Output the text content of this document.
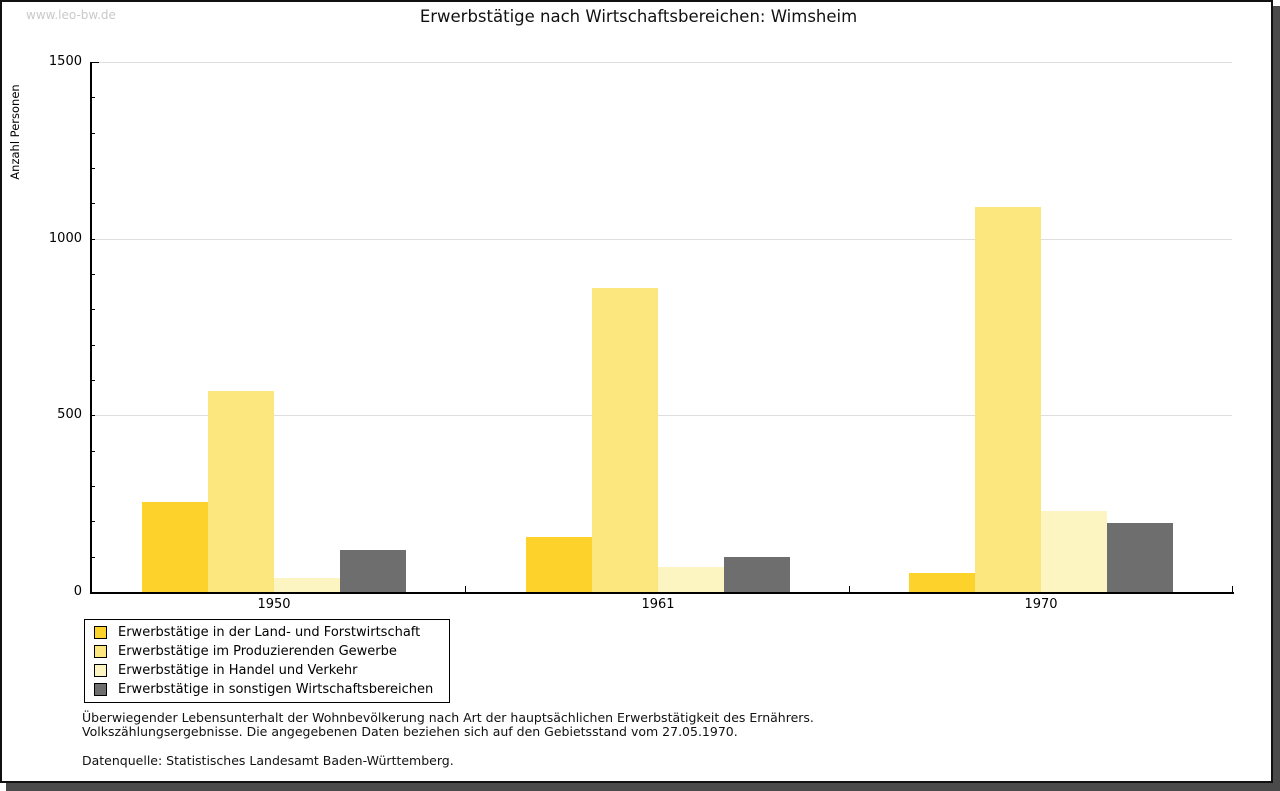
www.leo-bw.de	Erwerbstätige nach Wirtschaftsbereichen: Wimsheim
Anzahl Personen
0
500
1000
1500
1950	1961	1970
Erwerbstätige in der Land- und Forstwirtschaft
Erwerbstätige im Produzierenden Gewerbe
Erwerbstätige in Handel und Verkehr
Erwerbstätige in sonstigen Wirtschaftsbereichen
Überwiegender Lebensunterhalt der Wohnbevölkerung nach Art der hauptsächlichen Erwerbstätigkeit des Ernährers.
Volkszählungsergebnisse. Die angegebenen Daten beziehen sich auf den Gebietsstand vom 27.05.1970.
Datenquelle: Statistisches Landesamt Baden-Württemberg.
